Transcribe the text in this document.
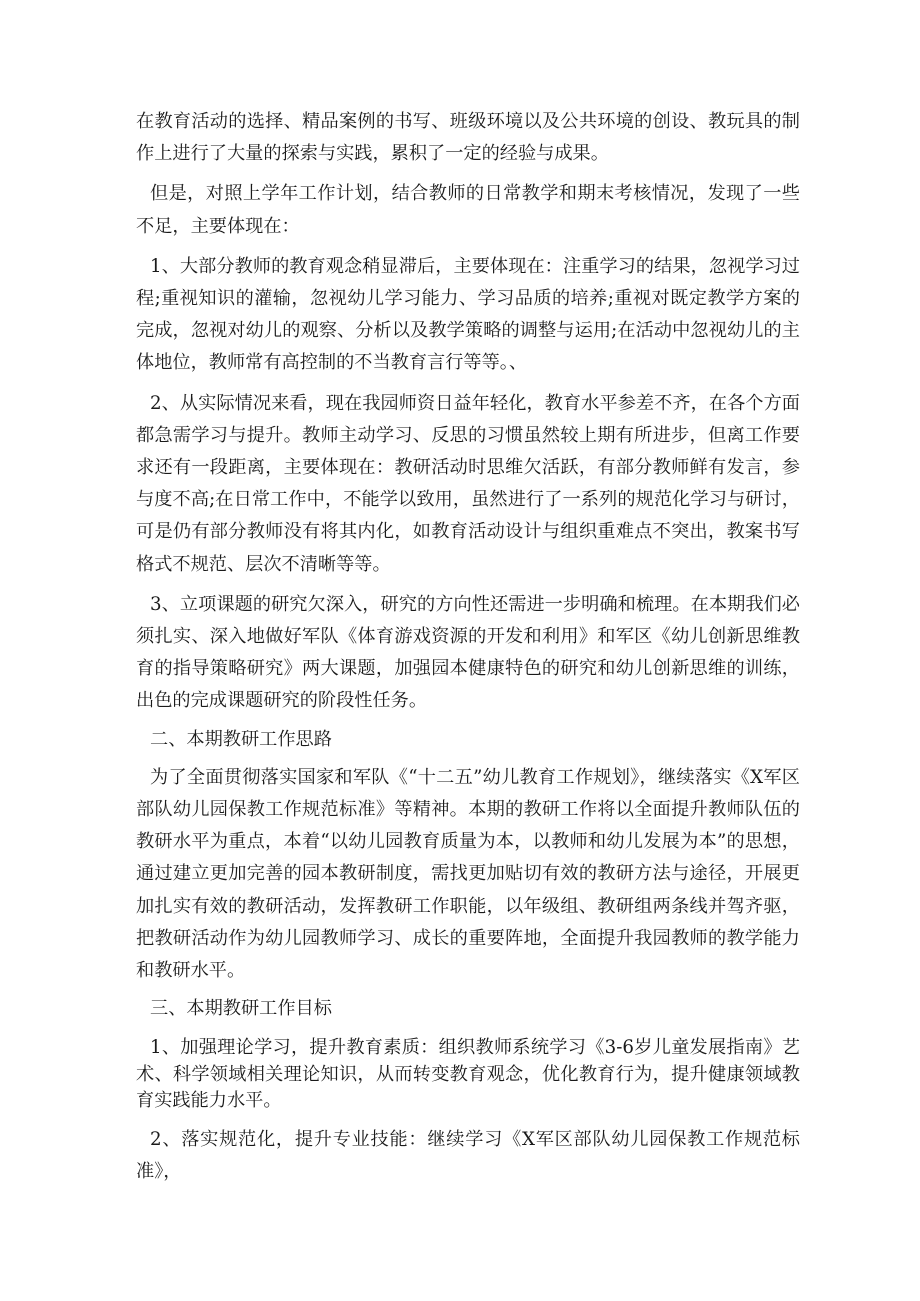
在教育活动的选择、精品案例的书写、班级环境以及公共环境的创设、教玩具的制作上进行了大量的探索与实践，累积了一定的经验与成果。

但是，对照上学年工作计划，结合教师的日常教学和期末考核情况，发现了一些不足，主要体现在：

1、大部分教师的教育观念稍显滞后，主要体现在：注重学习的结果，忽视学习过程;重视知识的灌输，忽视幼儿学习能力、学习品质的培养;重视对既定教学方案的完成，忽视对幼儿的观察、分析以及教学策略的调整与运用;在活动中忽视幼儿的主体地位，教师常有高控制的不当教育言行等等。、

2、从实际情况来看，现在我园师资日益年轻化，教育水平参差不齐，在各个方面都急需学习与提升。教师主动学习、反思的习惯虽然较上期有所进步，但离工作要求还有一段距离，主要体现在：教研活动时思维欠活跃，有部分教师鲜有发言，参与度不高;在日常工作中，不能学以致用，虽然进行了一系列的规范化学习与研讨，可是仍有部分教师没有将其内化，如教育活动设计与组织重难点不突出，教案书写格式不规范、层次不清晰等等。

3、立项课题的研究欠深入，研究的方向性还需进一步明确和梳理。在本期我们必须扎实、深入地做好军队《体育游戏资源的开发和利用》和军区《幼儿创新思维教育的指导策略研究》两大课题，加强园本健康特色的研究和幼儿创新思维的训练，出色的完成课题研究的阶段性任务。

二、本期教研工作思路

为了全面贯彻落实国家和军队《“十二五”幼儿教育工作规划》，继续落实《X军区部队幼儿园保教工作规范标准》等精神。本期的教研工作将以全面提升教师队伍的教研水平为重点，本着“以幼儿园教育质量为本，以教师和幼儿发展为本”的思想，通过建立更加完善的园本教研制度，需找更加贴切有效的教研方法与途径，开展更加扎实有效的教研活动，发挥教研工作职能，以年级组、教研组两条线并驾齐驱，把教研活动作为幼儿园教师学习、成长的重要阵地，全面提升我园教师的教学能力和教研水平。

三、本期教研工作目标

1、加强理论学习，提升教育素质：组织教师系统学习《3-6岁儿童发展指南》艺术、科学领域相关理论知识，从而转变教育观念，优化教育行为，提升健康领域教育实践能力水平。

2、落实规范化，提升专业技能：继续学习《X军区部队幼儿园保教工作规范标准》，
